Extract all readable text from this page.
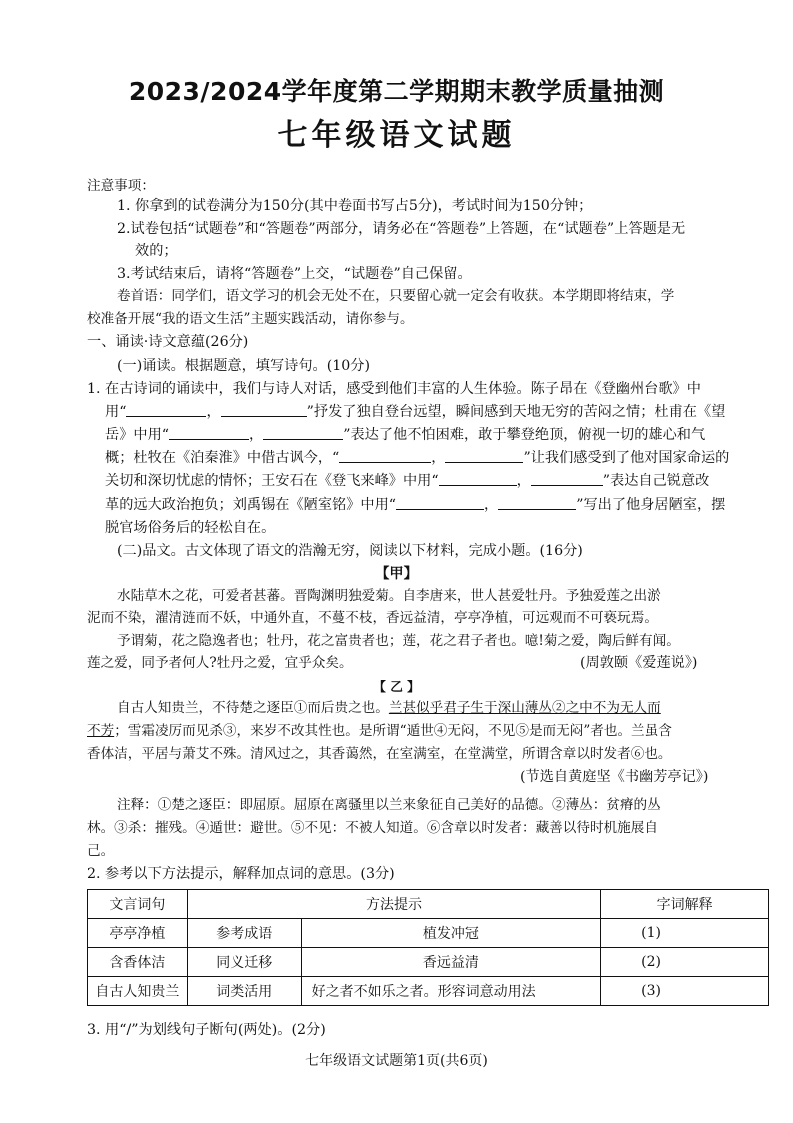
2023/2024学年度第二学期期末教学质量抽测
七年级语文试题
注意事项：
1. 你拿到的试卷满分为150分(其中卷面书写占5分)，考试时间为150分钟；
2.试卷包括“试题卷”和“答题卷”两部分，请务必在“答题卷”上答题，在“试题卷”上答题是无
效的；
3.考试结束后，请将“答题卷”上交，“试题卷”自己保留。
卷首语：同学们，语文学习的机会无处不在，只要留心就一定会有收获。本学期即将结束，学
校准备开展“我的语文生活”主题实践活动，请你参与。
一、诵读·诗文意蕴(26分)
(一)诵读。根据题意，填写诗句。(10分)
1. 在古诗词的诵读中，我们与诗人对话，感受到他们丰富的人生体验。陈子昂在《登幽州台歌》中
用“	，	”抒发了独自登台远望，瞬间感到天地无穷的苦闷之情；杜甫在《望
岳》中用“	，	”表达了他不怕困难，敢于攀登绝顶，俯视一切的雄心和气
概；杜牧在《泊秦淮》中借古讽今，“	，	”让我们感受到了他对国家命运的
关切和深切忧虑的情怀；王安石在《登飞来峰》中用“	，	”表达自己锐意改
革的远大政治抱负；刘禹锡在《陋室铭》中用“	，	”写出了他身居陋室，摆
脱官场俗务后的轻松自在。
(二)品文。古文体现了语文的浩瀚无穷，阅读以下材料，完成小题。(16分)
【甲】
水陆草木之花，可爱者甚蕃。晋陶渊明独爱菊。自李唐来，世人甚爱牡丹。予独爱莲之出淤
泥而不染，濯清涟而不妖，中通外直，不蔓不枝，香远益清，亭亭净植，可远观而不可亵玩焉。
予谓菊，花之隐逸者也；牡丹，花之富贵者也；莲，花之君子者也。噫!菊之爱，陶后鲜有闻。
莲之爱，同予者何人?牡丹之爱，宜乎众矣。	(周敦颐《爱莲说》)
【 乙 】
自古人知贵兰，不待楚之逐臣①而后贵之也。兰甚似乎君子生于深山薄丛②之中不为无人而
不芳；雪霜凌厉而见杀③，来岁不改其性也。是所谓“遁世④无闷，不见⑤是而无闷”者也。兰虽含
香体洁，平居与萧艾不殊。清风过之，其香蔼然，在室满室，在堂满堂，所谓含章以时发者⑥也。
(节选自黄庭坚《书幽芳亭记》)
注释：①楚之逐臣：即屈原。屈原在离骚里以兰来象征自己美好的品德。②薄丛：贫瘠的丛
林。③杀：摧残。④遁世：避世。⑤不见：不被人知道。⑥含章以时发者：藏善以待时机施展自
己。
2. 参考以下方法提示，解释加点词的意思。(3分)
文言词句	方法提示		字词解释
亭亭净植	参考成语	植发冲冠	(1)
含香体洁	同义迁移	香远益清	(2)
自古人知贵兰	词类活用	好之者不如乐之者。形容词意动用法	(3)
3. 用“/”为划线句子断句(两处)。(2分)
七年级语文试题第1页(共6页)
